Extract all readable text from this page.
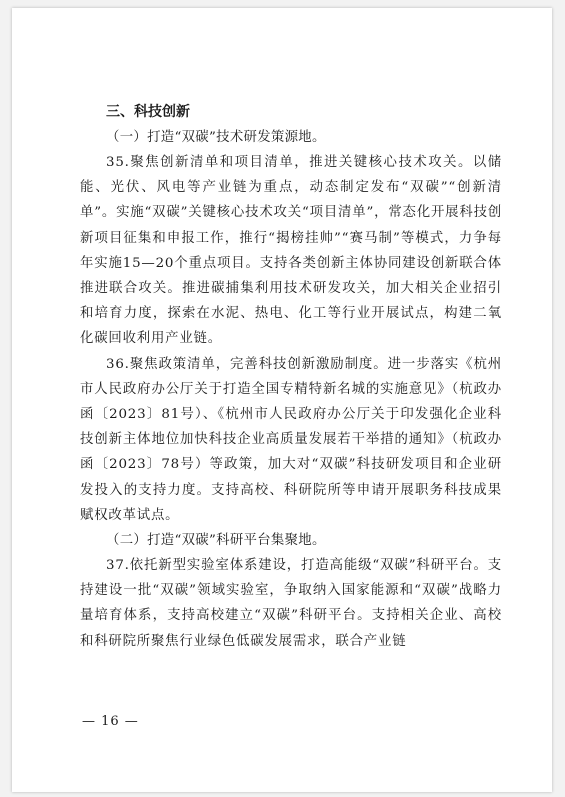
三、科技创新

（一）打造“双碳”技术研发策源地。

35.聚焦创新清单和项目清单，推进关键核心技术攻关。以储能、光伏、风电等产业链为重点，动态制定发布“双碳”“创新清单”。实施“双碳”关键核心技术攻关“项目清单”，常态化开展科技创新项目征集和申报工作，推行“揭榜挂帅”“赛马制”等模式，力争每年实施15—20个重点项目。支持各类创新主体协同建设创新联合体推进联合攻关。推进碳捕集利用技术研发攻关，加大相关企业招引和培育力度，探索在水泥、热电、化工等行业开展试点，构建二氧化碳回收利用产业链。

36.聚焦政策清单，完善科技创新激励制度。进一步落实《杭州市人民政府办公厅关于打造全国专精特新名城的实施意见》（杭政办函〔2023〕81号）、《杭州市人民政府办公厅关于印发强化企业科技创新主体地位加快科技企业高质量发展若干举措的通知》（杭政办函〔2023〕78号）等政策，加大对“双碳”科技研发项目和企业研发投入的支持力度。支持高校、科研院所等申请开展职务科技成果赋权改革试点。

（二）打造“双碳”科研平台集聚地。

37.依托新型实验室体系建设，打造高能级“双碳”科研平台。支持建设一批“双碳”领域实验室，争取纳入国家能源和“双碳”战略力量培育体系，支持高校建立“双碳”科研平台。支持相关企业、高校和科研院所聚焦行业绿色低碳发展需求，联合产业链

— 16 —
